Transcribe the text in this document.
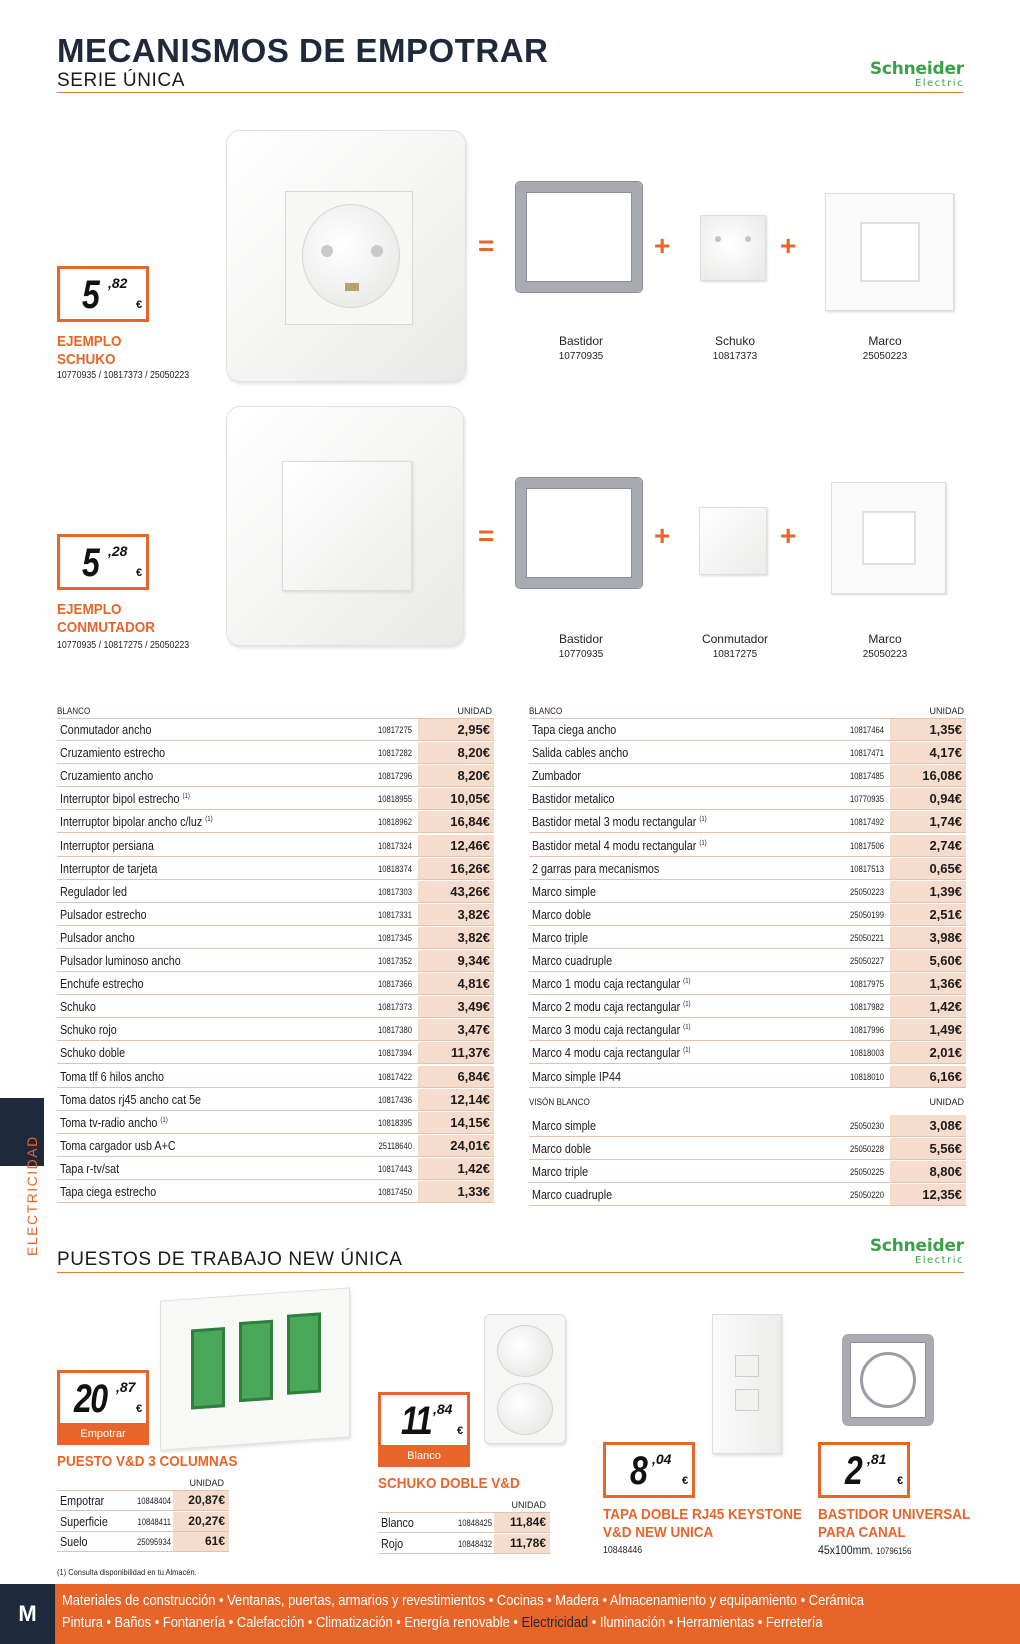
MECANISMOS DE EMPOTRAR
SERIE ÚNICA
Schneider
Electric
5 ,82
€
EJEMPLO
SCHUKO
10770935 / 10817373 / 25050223
=	+	+
Bastidor
10770935
Schuko
10817373
Marco
25050223
5 ,28
€
EJEMPLO
CONMUTADOR
10770935 / 10817275 / 25050223
=	+	+
Bastidor
10770935
Conmutador
10817275
Marco
25050223
BLANCO	UNIDAD
Conmutador ancho	10817275	2,95€
Cruzamiento estrecho	10817282	8,20€
Cruzamiento ancho	10817296	8,20€
Interruptor bipol estrecho $^{(1)}$	10818955	10,05€
Interruptor bipolar ancho c/luz $^{(1)}$	10818962	16,84€
Interruptor persiana	10817324	12,46€
Interruptor de tarjeta	10818374	16,26€
Regulador led	10817303	43,26€
Pulsador estrecho	10817331	3,82€
Pulsador ancho	10817345	3,82€
Pulsador luminoso ancho	10817352	9,34€
Enchufe estrecho	10817366	4,81€
Schuko	10817373	3,49€
Schuko rojo	10817380	3,47€
Schuko doble	10817394	11,37€
Toma tlf 6 hilos ancho	10817422	6,84€
Toma datos rj45 ancho cat 5e	10817436	12,14€
Toma tv-radio ancho $^{(1)}$	10818395	14,15€
Toma cargador usb A+C	25118640	24,01€
Tapa r-tv/sat	10817443	1,42€
Tapa ciega estrecho	10817450	1,33€
BLANCO	UNIDAD
Tapa ciega ancho	10817464	1,35€
Salida cables ancho	10817471	4,17€
Zumbador	10817485	16,08€
Bastidor metalico	10770935	0,94€
Bastidor metal 3 modu rectangular $^{(1)}$	10817492	1,74€
Bastidor metal 4 modu rectangular $^{(1)}$	10817506	2,74€
2 garras para mecanismos	10817513	0,65€
Marco simple	25050223	1,39€
Marco doble	25050199	2,51€
Marco triple	25050221	3,98€
Marco cuadruple	25050227	5,60€
Marco 1 modu caja rectangular $^{(1)}$	10817975	1,36€
Marco 2 modu caja rectangular $^{(1)}$	10817982	1,42€
Marco 3 modu caja rectangular $^{(1)}$	10817996	1,49€
Marco 4 modu caja rectangular $^{(1)}$	10818003	2,01€
Marco simple IP44	10818010	6,16€
VISÓN BLANCO	UNIDAD
Marco simple	25050230	3,08€
Marco doble	25050228	5,56€
Marco triple	25050225	8,80€
Marco cuadruple	25050220	12,35€
ELECTRICIDAD
PUESTOS DE TRABAJO NEW ÚNICA
Schneider
Electric
20 ,87
€
Empotrar
PUESTO V&D 3 COLUMNAS
UNIDAD
Empotrar	10848404	20,87€
Superficie	10848411	20,27€
Suelo	25095934	61€
11 ,84
€
Blanco
SCHUKO DOBLE V&D
UNIDAD
Blanco	10848425	11,84€
Rojo	10848432	11,78€
8 ,04
€
TAPA DOBLE RJ45 KEYSTONE
V&D NEW UNICA
10848446
2 ,81
€
BASTIDOR UNIVERSAL
PARA CANAL
45x100mm. 10796156
(1) Consulta disponibilidad en tu Almacén.
M
Materiales de construcción • Ventanas, puertas, armarios y revestimientos • Cocinas • Madera • Almacenamiento y equipamiento • Cerámica
Pintura • Baños • Fontanería • Calefacción • Climatización • Energía renovable • Electricidad • Iluminación • Herramientas • Ferretería
